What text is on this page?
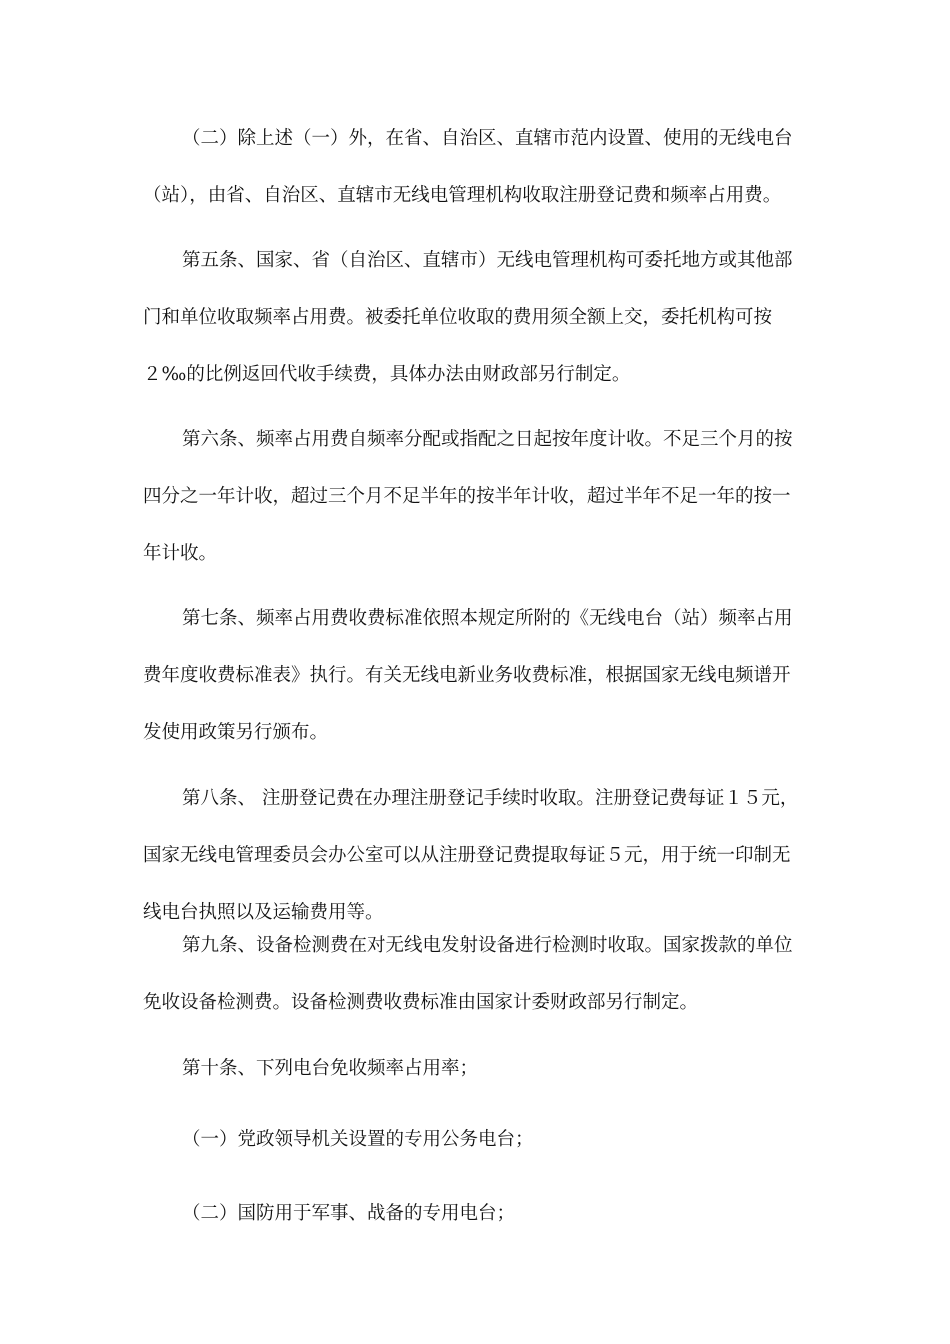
（二）除上述（一）外，在省、自治区、直辖市范内设置、使用的无线电台
（站），由省、自治区、直辖市无线电管理机构收取注册登记费和频率占用费。
第五条、国家、省（自治区、直辖市）无线电管理机构可委托地方或其他部
门和单位收取频率占用费。被委托单位收取的费用须全额上交，委托机构可按
２‰的比例返回代收手续费，具体办法由财政部另行制定。
第六条、频率占用费自频率分配或指配之日起按年度计收。不足三个月的按
四分之一年计收，超过三个月不足半年的按半年计收，超过半年不足一年的按一
年计收。
第七条、频率占用费收费标准依照本规定所附的《无线电台（站）频率占用
费年度收费标准表》执行。有关无线电新业务收费标准，根据国家无线电频谱开
发使用政策另行颁布。
第八条、 注册登记费在办理注册登记手续时收取。注册登记费每证１５元，
国家无线电管理委员会办公室可以从注册登记费提取每证５元，用于统一印制无
线电台执照以及运输费用等。
第九条、设备检测费在对无线电发射设备进行检测时收取。国家拨款的单位
免收设备检测费。设备检测费收费标准由国家计委财政部另行制定。
第十条、下列电台免收频率占用率；
（一）党政领导机关设置的专用公务电台；
（二）国防用于军事、战备的专用电台；
